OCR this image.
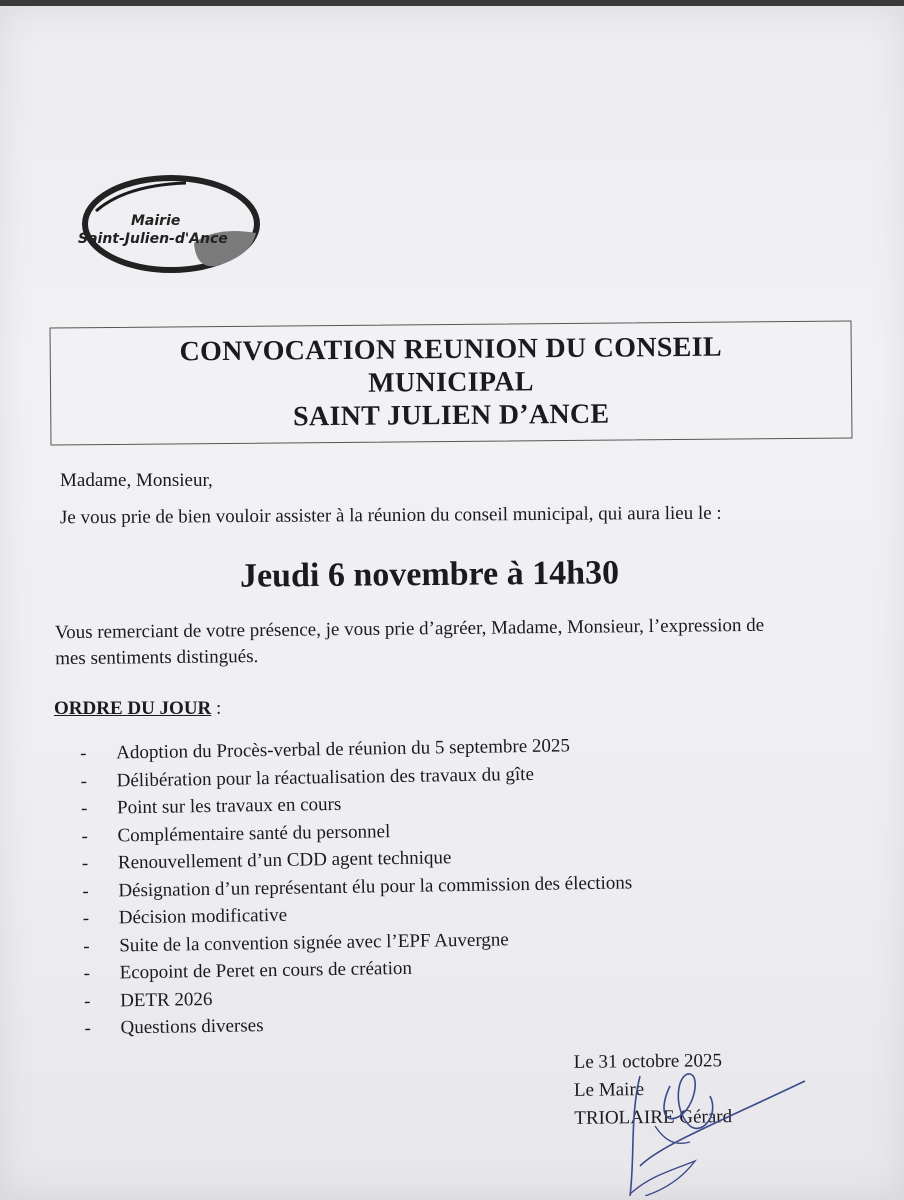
Mairie
Saint-Julien-d'Ance
CONVOCATION REUNION DU CONSEIL
MUNICIPAL
SAINT JULIEN D’ANCE
Madame, Monsieur,
Je vous prie de bien vouloir assister à la réunion du conseil municipal, qui aura lieu le :
Jeudi 6 novembre à 14h30
Vous remerciant de votre présence, je vous prie d’agréer, Madame, Monsieur, l’expression de
mes sentiments distingués.
ORDRE DU JOUR :
- Adoption du Procès-verbal de réunion du 5 septembre 2025
- Délibération pour la réactualisation des travaux du gîte
- Point sur les travaux en cours
- Complémentaire santé du personnel
- Renouvellement d’un CDD agent technique
- Désignation d’un représentant élu pour la commission des élections
- Décision modificative
- Suite de la convention signée avec l’EPF Auvergne
- Ecopoint de Peret en cours de création
- DETR 2026
- Questions diverses
Le 31 octobre 2025
Le Maire
TRIOLAIRE Gérard
